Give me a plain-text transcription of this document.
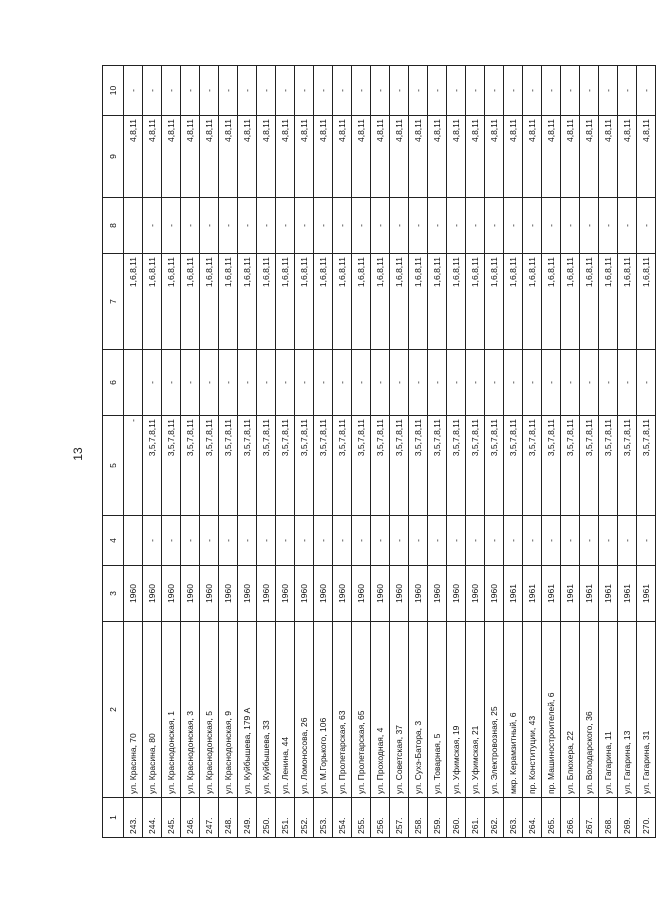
13
1	2	3	4	5	6	7	8	9	10
243.	ул. Красина, 70	1960		-		1,6,8,11		4,8,11	-
244.	ул. Красина, 80	1960	-	3,5,7,8,11	-	1,6,8,11	-	4,8,11	-
245.	ул. Краснодонская, 1	1960	-	3,5,7,8,11	-	1,6,8,11	-	4,8,11	-
246.	ул. Краснодонская, 3	1960	-	3,5,7,8,11	-	1,6,8,11	-	4,8,11	-
247.	ул. Краснодонская, 5	1960	-	3,5,7,8,11	-	1,6,8,11	-	4,8,11	-
248.	ул. Краснодонская, 9	1960	-	3,5,7,8,11	-	1,6,8,11	-	4,8,11	-
249.	ул. Куйбышева, 179 А	1960	-	3,5,7,8,11	-	1,6,8,11	-	4,8,11	-
250.	ул. Куйбышева, 33	1960	-	3,5,7,8,11	-	1,6,8,11	-	4,8,11	-
251.	ул. Ленина, 44	1960	-	3,5,7,8,11	-	1,6,8,11	-	4,8,11	-
252.	ул. Ломоносова, 26	1960	-	3,5,7,8,11	-	1,6,8,11	-	4,8,11	-
253.	ул. М.Горького, 106	1960	-	3,5,7,8,11	-	1,6,8,11	-	4,8,11	-
254.	ул. Пролетарская, 63	1960	-	3,5,7,8,11	-	1,6,8,11	-	4,8,11	-
255.	ул. Пролетарская, 65	1960	-	3,5,7,8,11	-	1,6,8,11	-	4,8,11	-
256.	ул. Проходная, 4	1960	-	3,5,7,8,11	-	1,6,8,11	-	4,8,11	-
257.	ул. Советская, 37	1960	-	3,5,7,8,11	-	1,6,8,11	-	4,8,11	-
258.	ул. Сухэ-Батора, 3	1960	-	3,5,7,8,11	-	1,6,8,11	-	4,8,11	-
259.	ул. Товарная, 5	1960	-	3,5,7,8,11	-	1,6,8,11	-	4,8,11	-
260.	ул. Уфимская, 19	1960	-	3,5,7,8,11	-	1,6,8,11	-	4,8,11	-
261.	ул. Уфимская, 21	1960	-	3,5,7,8,11	-	1,6,8,11	-	4,8,11	-
262.	ул. Электровозная, 25	1960	-	3,5,7,8,11	-	1,6,8,11	-	4,8,11	-
263.	мкр. Керамзитный, 6	1961	-	3,5,7,8,11	-	1,6,8,11	-	4,8,11	-
264.	пр. Конституции, 43	1961	-	3,5,7,8,11	-	1,6,8,11	-	4,8,11	-
265.	пр. Машиностроителей, 6	1961	-	3,5,7,8,11	-	1,6,8,11	-	4,8,11	-
266.	ул. Блюхера, 22	1961	-	3,5,7,8,11	-	1,6,8,11	-	4,8,11	-
267.	ул. Володарского, 36	1961	-	3,5,7,8,11	-	1,6,8,11	-	4,8,11	-
268.	ул. Гагарина, 11	1961	-	3,5,7,8,11	-	1,6,8,11	-	4,8,11	-
269.	ул. Гагарина, 13	1961	-	3,5,7,8,11	-	1,6,8,11	-	4,8,11	-
270.	ул. Гагарина, 31	1961	-	3,5,7,8,11	-	1,6,8,11	-	4,8,11	-
